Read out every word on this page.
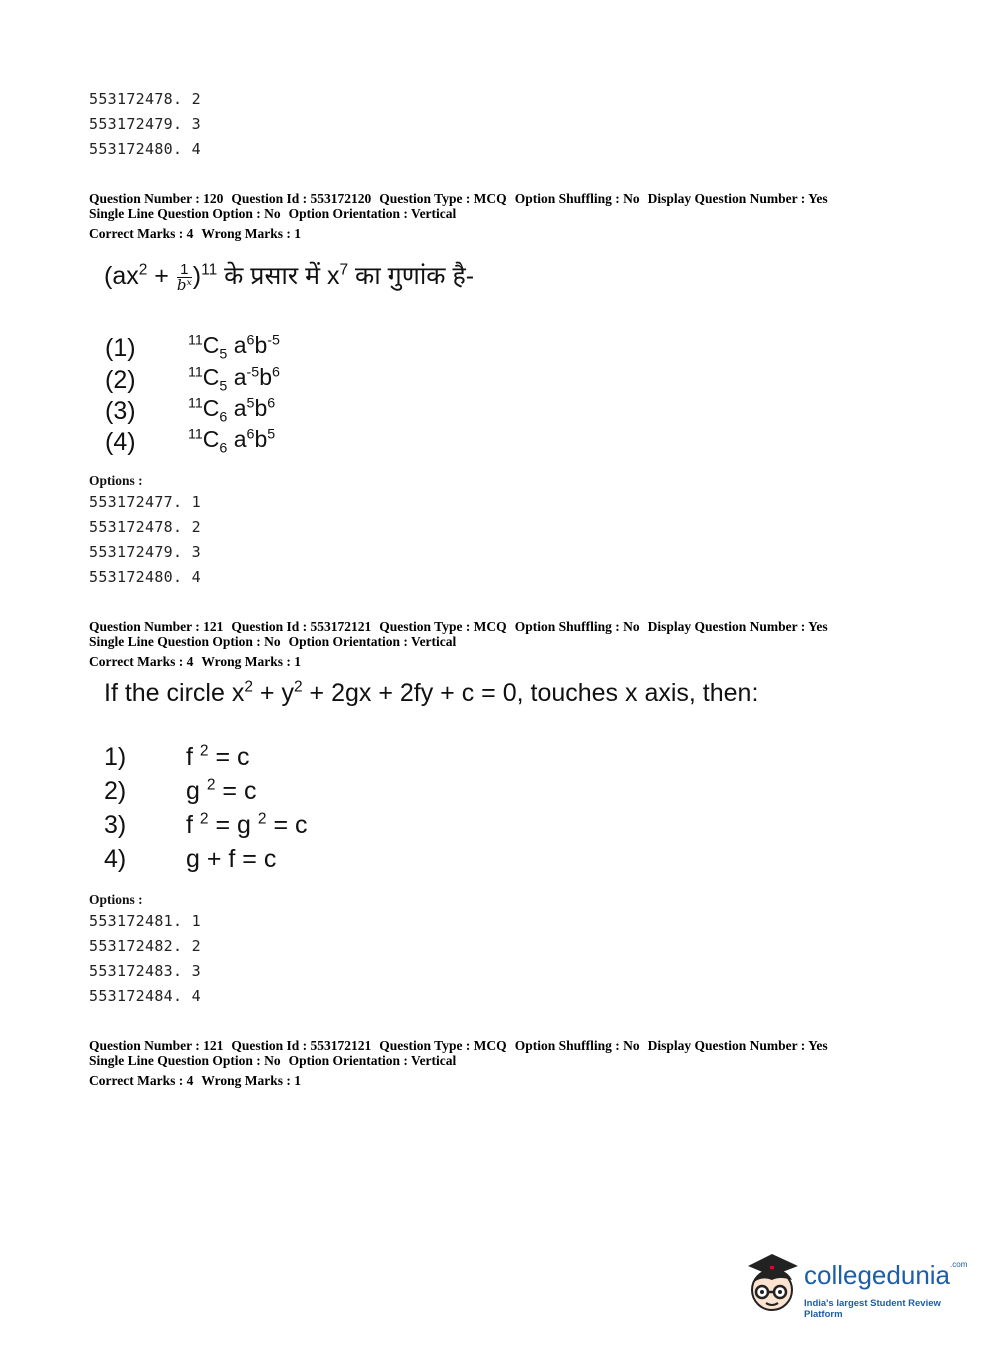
553172478. 2
553172479. 3
553172480. 4
Question Number : 120 Question Id : 553172120 Question Type : MCQ Option Shuffling : No Display Question Number : Yes
Single Line Question Option : No Option Orientation : Vertical
Correct Marks : 4 Wrong Marks : 1
$(ax^2 + \frac{1}{\text{bˣ}} )^{11}$ के प्रसार में $x^7$ का गुणांक है-
(1)	$^{11}C_5$ $a^6b^{-5}$
(2)	$^{11}C_5$ $a^{-5}b^6$
(3)	$^{11}C_6$ $a^5b^6$
(4)	$^{11}C_6$ $a^6b^5$
Options :
553172477. 1
553172478. 2
553172479. 3
553172480. 4
Question Number : 121 Question Id : 553172121 Question Type : MCQ Option Shuffling : No Display Question Number : Yes
Single Line Question Option : No Option Orientation : Vertical
Correct Marks : 4 Wrong Marks : 1
If the circle $x^2 + y^2 + 2gx + 2fy + c = 0$, touches x axis, then:
1) f $^2$ = c
2) g $^2$ = c
3) f $^2$ = g $^2$ = c
4) g + f = c
Options :
553172481. 1
553172482. 2
553172483. 3
553172484. 4
Question Number : 121 Question Id : 553172121 Question Type : MCQ Option Shuffling : No Display Question Number : Yes
Single Line Question Option : No Option Orientation : Vertical
Correct Marks : 4 Wrong Marks : 1
collegedunia$^{.com}$
India's largest Student Review Platform
